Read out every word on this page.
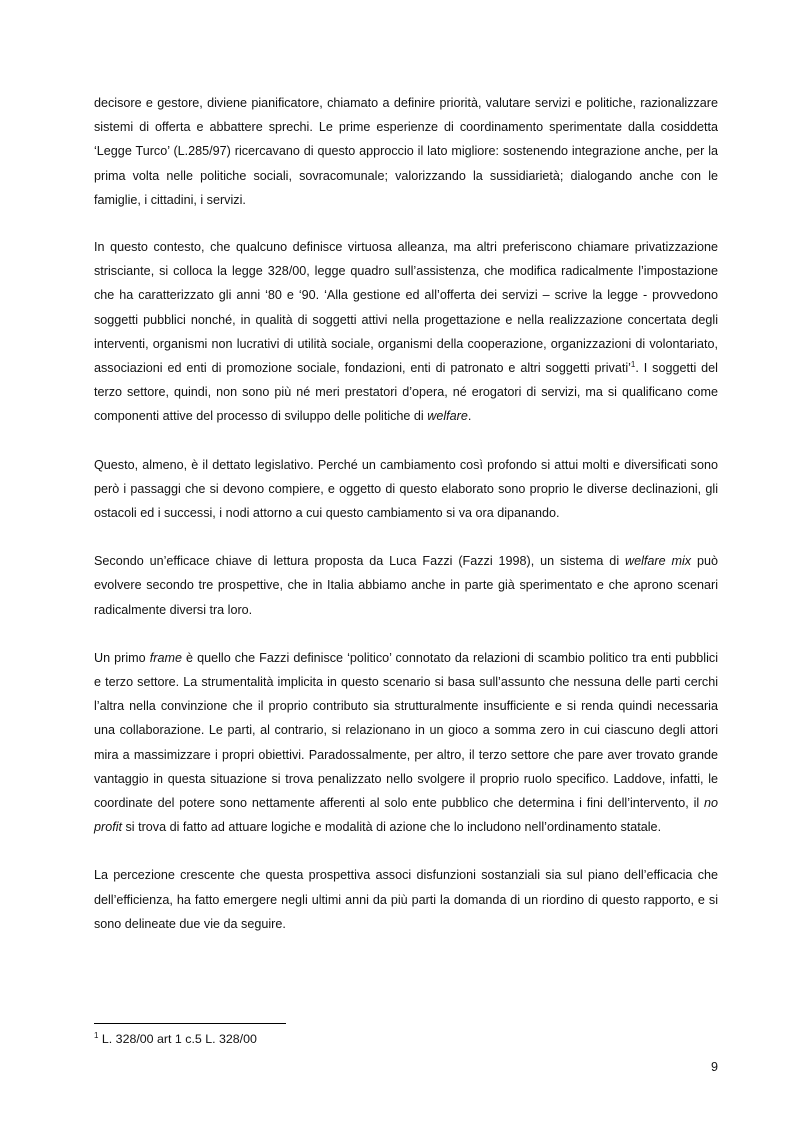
decisore e gestore, diviene pianificatore, chiamato a definire priorità, valutare servizi e politiche, razionalizzare sistemi di offerta e abbattere sprechi. Le prime esperienze di coordinamento sperimentate dalla cosiddetta ‘Legge Turco’ (L.285/97) ricercavano di questo approccio il lato migliore: sostenendo integrazione anche, per la prima volta nelle politiche sociali, sovracomunale; valorizzando la sussidiarietà; dialogando anche con le famiglie, i cittadini, i servizi.

In questo contesto, che qualcuno definisce virtuosa alleanza, ma altri preferiscono chiamare privatizzazione strisciante, si colloca la legge 328/00, legge quadro sull’assistenza, che modifica radicalmente l’impostazione che ha caratterizzato gli anni ‘80 e ‘90. ‘Alla gestione ed all’offerta dei servizi – scrive la legge - provvedono soggetti pubblici nonché, in qualità di soggetti attivi nella progettazione e nella realizzazione concertata degli interventi, organismi non lucrativi di utilità sociale, organismi della cooperazione, organizzazioni di volontariato, associazioni ed enti di promozione sociale, fondazioni, enti di patronato e altri soggetti privati’$^1$. I soggetti del terzo settore, quindi, non sono più né meri prestatori d’opera, né erogatori di servizi, ma si qualificano come componenti attive del processo di sviluppo delle politiche di welfare.

Questo, almeno, è il dettato legislativo. Perché un cambiamento così profondo si attui molti e diversificati sono però i passaggi che si devono compiere, e oggetto di questo elaborato sono proprio le diverse declinazioni, gli ostacoli ed i successi, i nodi attorno a cui questo cambiamento si va ora dipanando.

Secondo un’efficace chiave di lettura proposta da Luca Fazzi (Fazzi 1998), un sistema di welfare mix può evolvere secondo tre prospettive, che in Italia abbiamo anche in parte già sperimentato e che aprono scenari radicalmente diversi tra loro.

Un primo frame è quello che Fazzi definisce ‘politico’ connotato da relazioni di scambio politico tra enti pubblici e terzo settore. La strumentalità implicita in questo scenario si basa sull’assunto che nessuna delle parti cerchi l’altra nella convinzione che il proprio contributo sia strutturalmente insufficiente e si renda quindi necessaria una collaborazione. Le parti, al contrario, si relazionano in un gioco a somma zero in cui ciascuno degli attori mira a massimizzare i propri obiettivi. Paradossalmente, per altro, il terzo settore che pare aver trovato grande vantaggio in questa situazione si trova penalizzato nello svolgere il proprio ruolo specifico. Laddove, infatti, le coordinate del potere sono nettamente afferenti al solo ente pubblico che determina i fini dell’intervento, il no profit si trova di fatto ad attuare logiche e modalità di azione che lo includono nell’ordinamento statale.

La percezione crescente che questa prospettiva associ disfunzioni sostanziali sia sul piano dell’efficacia che dell’efficienza, ha fatto emergere negli ultimi anni da più parti la domanda di un riordino di questo rapporto, e si sono delineate due vie da seguire.

$^1$ L. 328/00 art 1 c.5 L. 328/00
9
